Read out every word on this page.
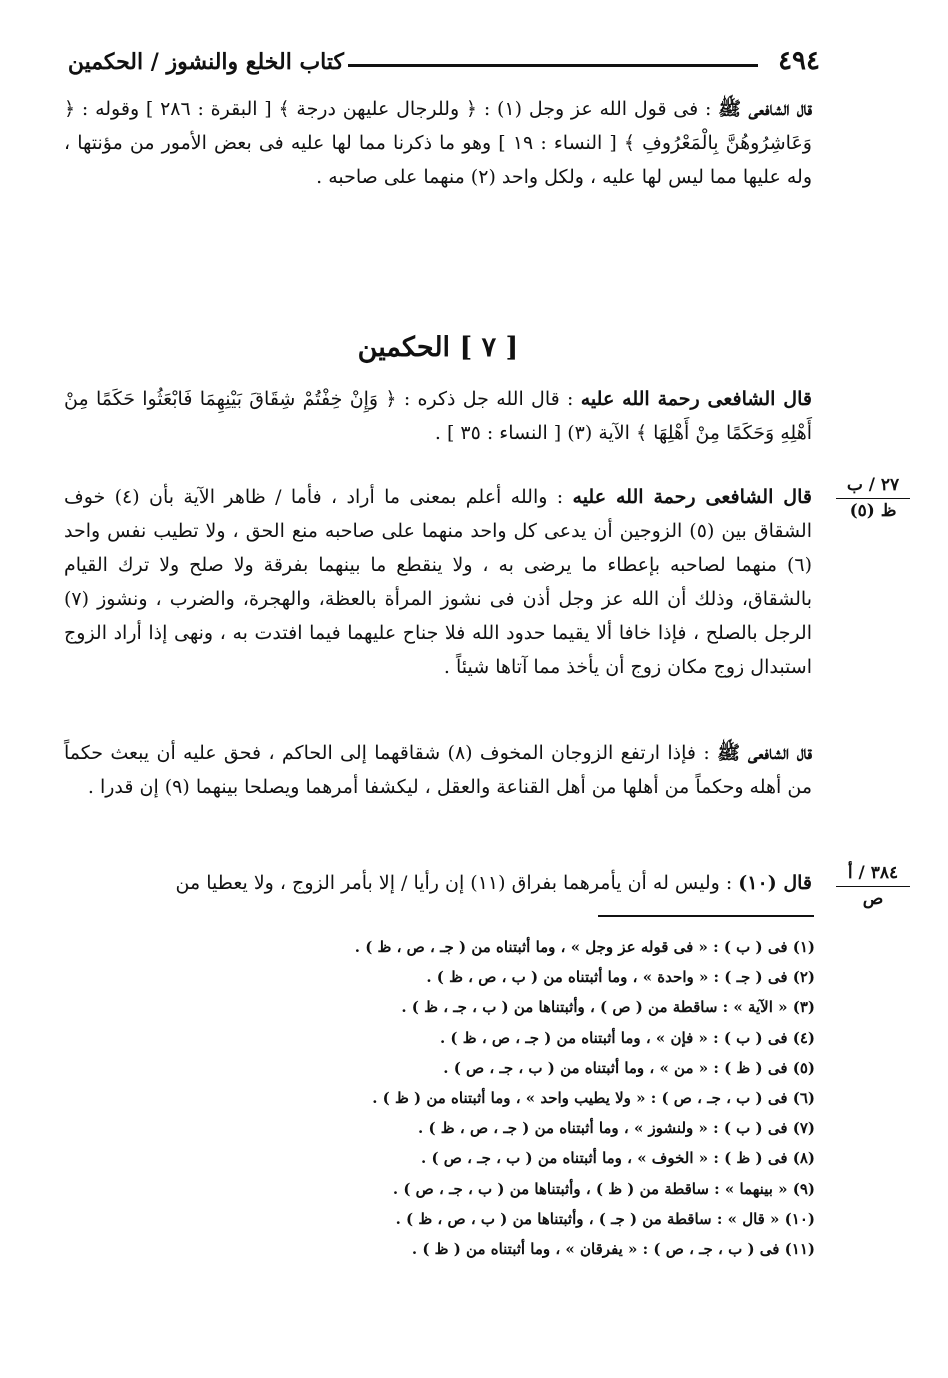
٤٩٤
كتاب الخلع والنشوز / الحكمين

قال الشافعى ﷺ : فى قول الله عز وجل (١) : ﴿ وللرجال عليهن درجة ﴾ [ البقرة : ٢٨٦ ] وقوله : ﴿ وَعَاشِرُوهُنَّ بِالْمَعْرُوفِ ﴾ [ النساء : ١٩ ] وهو ما ذكرنا مما لها عليه فى بعض الأمور من مؤنتها ، وله عليها مما ليس لها عليه ، ولكل واحد (٢) منهما على صاحبه .

[ ٧ ] الحكمين

قال الشافعى رحمة الله عليه : قال الله جل ذكره : ﴿ وَإِنْ خِفْتُمْ شِقَاقَ بَيْنِهِمَا فَابْعَثُوا حَكَمًا مِنْ أَهْلِهِ وَحَكَمًا مِنْ أَهْلِهَا ﴾ الآية (٣) [ النساء : ٣٥ ] .

٢٧ / ب
ظ (٥)

قال الشافعى رحمة الله عليه : والله أعلم بمعنى ما أراد ، فأما / ظاهر الآية بأن (٤) خوف الشقاق بين (٥) الزوجين أن يدعى كل واحد منهما على صاحبه منع الحق ، ولا تطيب نفس واحد (٦) منهما لصاحبه بإعطاء ما يرضى به ، ولا ينقطع ما بينهما بفرقة ولا صلح ولا ترك القيام بالشقاق، وذلك أن الله عز وجل أذن فى نشوز المرأة بالعظة، والهجرة، والضرب ، ونشوز (٧) الرجل بالصلح ، فإذا خافا ألا يقيما حدود الله فلا جناح عليهما فيما افتدت به ، ونهى إذا أراد الزوج استبدال زوج مكان زوج أن يأخذ مما آتاها شيئاً .

قال الشافعى ﷺ : فإذا ارتفع الزوجان المخوف (٨) شقاقهما إلى الحاكم ، فحق عليه أن يبعث حكماً من أهله وحكماً من أهلها من أهل القناعة والعقل ، ليكشفا أمرهما ويصلحا بينهما (٩) إن قدرا .

٣٨٤ / أ
ص

قال (١٠) : وليس له أن يأمرهما بفراق (١١) إن رأيا / إلا بأمر الزوج ، ولا يعطيا من

(١) فى ( ب ) : « فى قوله عز وجل » ، وما أثبتناه من ( جـ ، ص ، ظ ) .
(٢) فى ( جـ ) : « واحدة » ، وما أثبتناه من ( ب ، ص ، ظ ) .
(٣) « الآية » : ساقطة من ( ص ) ، وأثبتناها من ( ب ، جـ ، ظ ) .
(٤) فى ( ب ) : « فإن » ، وما أثبتناه من ( جـ ، ص ، ظ ) .
(٥) فى ( ظ ) : « من » ، وما أثبتناه من ( ب ، جـ ، ص ) .
(٦) فى ( ب ، جـ ، ص ) : « ولا يطيب واحد » ، وما أثبتناه من ( ظ ) .
(٧) فى ( ب ) : « ولنشوز » ، وما أثبتناه من ( جـ ، ص ، ظ ) .
(٨) فى ( ظ ) : « الخوف » ، وما أثبتناه من ( ب ، جـ ، ص ) .
(٩) « بينهما » : ساقطة من ( ظ ) ، وأثبتناها من ( ب ، جـ ، ص ) .
(١٠) « قال » : ساقطة من ( جـ ) ، وأثبتناها من ( ب ، ص ، ظ ) .
(١١) فى ( ب ، جـ ، ص ) : « يفرقان » ، وما أثبتناه من ( ظ ) .
